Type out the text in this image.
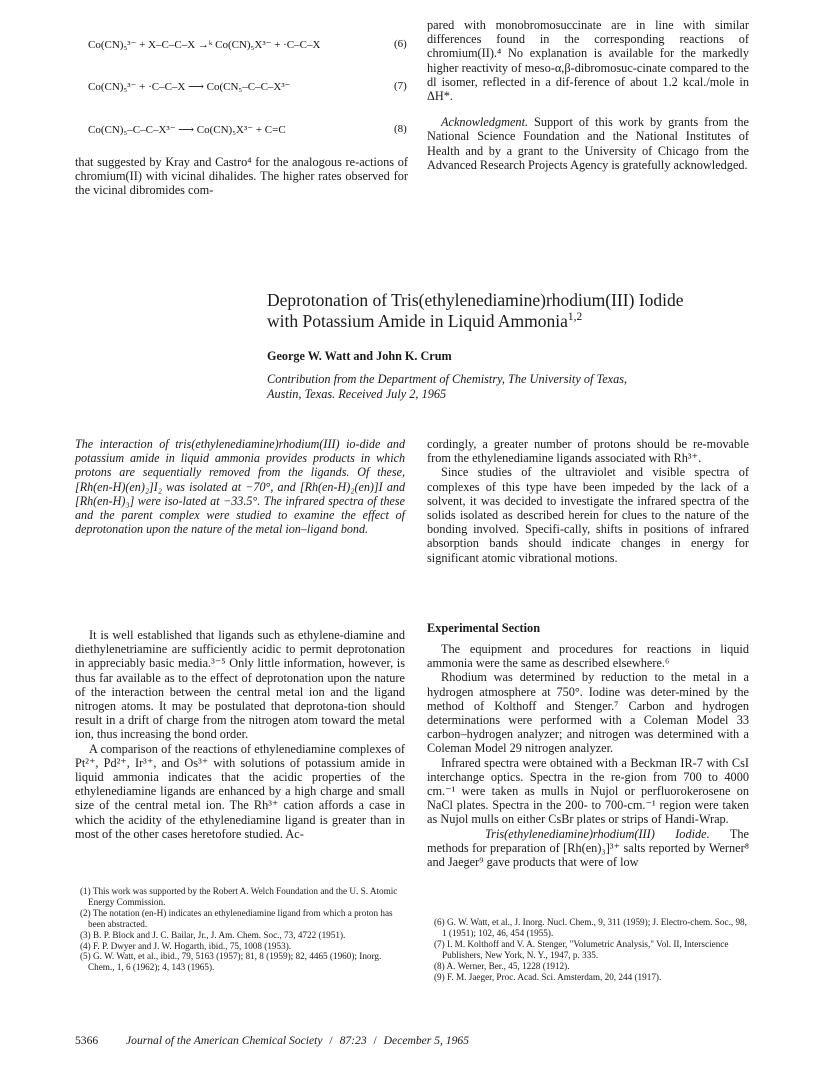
Co(CN)₅³⁻ + X–C–C–X →ᵏ Co(CN)₅X³⁻ + ·C–C–X	(6)
Co(CN)₅³⁻ + ·C–C–X ⟶ Co(CN₅–C–C–X³⁻	(7)
Co(CN)₅–C–C–X³⁻ ⟶ Co(CN)₅X³⁻ + C=C	(8)

that suggested by Kray and Castro⁴ for the analogous re-actions of chromium(II) with vicinal dihalides. The higher rates observed for the vicinal dibromides com-

pared with monobromosuccinate are in line with similar differences found in the corresponding reactions of chromium(II).⁴ No explanation is available for the markedly higher reactivity of meso-α,β-dibromosuc-cinate compared to the dl isomer, reflected in a dif-ference of about 1.2 kcal./mole in ΔH*.

Acknowledgment. Support of this work by grants from the National Science Foundation and the National Institutes of Health and by a grant to the University of Chicago from the Advanced Research Projects Agency is gratefully acknowledged.

Deprotonation of Tris(ethylenediamine)rhodium(III) Iodide
with Potassium Amide in Liquid Ammonia$^{1,2}$
George W. Watt and John K. Crum
Contribution from the Department of Chemistry, The University of Texas,
Austin, Texas. Received July 2, 1965
The interaction of tris(ethylenediamine)rhodium(III) io-dide and potassium amide in liquid ammonia provides products in which protons are sequentially removed from the ligands. Of these, [Rh(en-H)(en)₂]I₂ was isolated at −70°, and [Rh(en-H)₂(en)]I and [Rh(en-H)₃] were iso-lated at −33.5°. The infrared spectra of these and the parent complex were studied to examine the effect of deprotonation upon the nature of the metal ion–ligand bond.

cordingly, a greater number of protons should be re-movable from the ethylenediamine ligands associated with Rh³⁺.

Since studies of the ultraviolet and visible spectra of complexes of this type have been impeded by the lack of a solvent, it was decided to investigate the infrared spectra of the solids isolated as described herein for clues to the nature of the bonding involved. Specifi-cally, shifts in positions of infrared absorption bands should indicate changes in energy for significant atomic vibrational motions.

It is well established that ligands such as ethylene-diamine and diethylenetriamine are sufficiently acidic to permit deprotonation in appreciably basic media.³⁻⁵ Only little information, however, is thus far available as to the effect of deprotonation upon the nature of the interaction between the central metal ion and the ligand nitrogen atoms. It may be postulated that deprotona-tion should result in a drift of charge from the nitrogen atom toward the metal ion, thus increasing the bond order.

A comparison of the reactions of ethylenediamine complexes of Pt²⁺, Pd²⁺, Ir³⁺, and Os³⁺ with solutions of potassium amide in liquid ammonia indicates that the acidic properties of the ethylenediamine ligands are enhanced by a high charge and small size of the central metal ion. The Rh³⁺ cation affords a case in which the acidity of the ethylenediamine ligand is greater than in most of the other cases heretofore studied. Ac-

Experimental Section

The equipment and procedures for reactions in liquid ammonia were the same as described elsewhere.⁶

Rhodium was determined by reduction to the metal in a hydrogen atmosphere at 750°. Iodine was deter-mined by the method of Kolthoff and Stenger.⁷ Carbon and hydrogen determinations were performed with a Coleman Model 33 carbon–hydrogen analyzer; and nitrogen was determined with a Coleman Model 29 nitrogen analyzer.

Infrared spectra were obtained with a Beckman IR-7 with CsI interchange optics. Spectra in the re-gion from 700 to 4000 cm.⁻¹ were taken as mulls in Nujol or perfluorokerosene on NaCl plates. Spectra in the 200- to 700-cm.⁻¹ region were taken as Nujol mulls on either CsBr plates or strips of Handi-Wrap.

Tris(ethylenediamine)rhodium(III) Iodide. The methods for preparation of [Rh(en)₃]³⁺ salts reported by Werner⁸ and Jaeger⁹ gave products that were of low

(1) This work was supported by the Robert A. Welch Foundation and the U. S. Atomic Energy Commission.
(2) The notation (en-H) indicates an ethylenediamine ligand from which a proton has been abstracted.
(3) B. P. Block and J. C. Bailar, Jr., J. Am. Chem. Soc., 73, 4722 (1951).
(4) F. P. Dwyer and J. W. Hogarth, ibid., 75, 1008 (1953).
(5) G. W. Watt, et al., ibid., 79, 5163 (1957); 81, 8 (1959); 82, 4465 (1960); Inorg. Chem., 1, 6 (1962); 4, 143 (1965).
(6) G. W. Watt, et al., J. Inorg. Nucl. Chem., 9, 311 (1959); J. Electro-chem. Soc., 98, 1 (1951); 102, 46, 454 (1955).
(7) I. M. Kolthoff and V. A. Stenger, "Volumetric Analysis," Vol. II, Interscience Publishers, New York, N. Y., 1947, p. 335.
(8) A. Werner, Ber., 45, 1228 (1912).
(9) F. M. Jaeger, Proc. Acad. Sci. Amsterdam, 20, 244 (1917).
5366 Journal of the American Chemical Society / 87:23 / December 5, 1965
